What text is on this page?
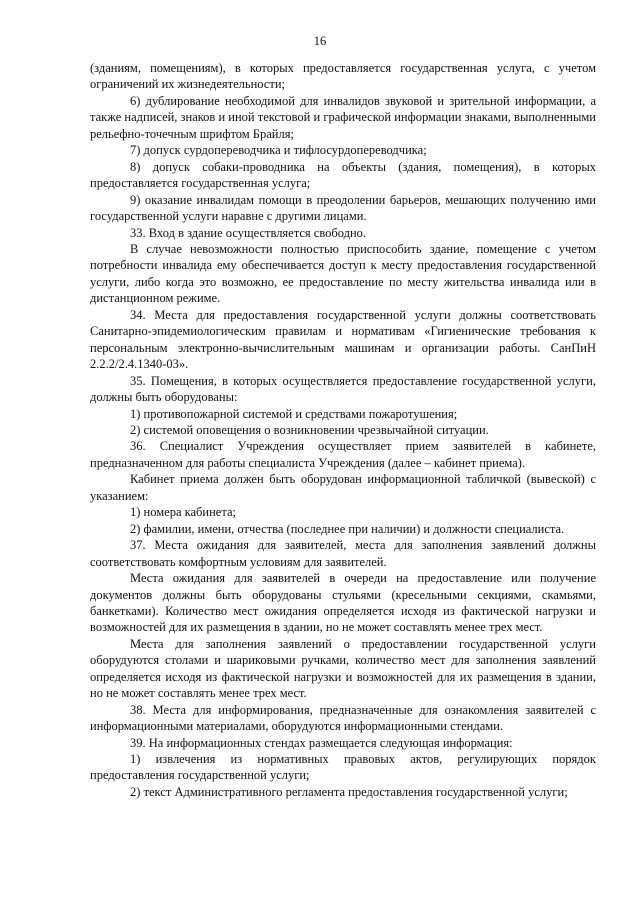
16

(зданиям, помещениям), в которых предоставляется государственная услуга, с учетом ограничений их жизнедеятельности;

6) дублирование необходимой для инвалидов звуковой и зрительной информации, а также надписей, знаков и иной текстовой и графической информации знаками, выполненными рельефно-точечным шрифтом Брайля;

7) допуск сурдопереводчика и тифлосурдопереводчика;

8) допуск собаки-проводника на объекты (здания, помещения), в которых предоставляется государственная услуга;

9) оказание инвалидам помощи в преодолении барьеров, мешающих получению ими государственной услуги наравне с другими лицами.

33. Вход в здание осуществляется свободно.

В случае невозможности полностью приспособить здание, помещение с учетом потребности инвалида ему обеспечивается доступ к месту предоставления государственной услуги, либо когда это возможно, ее предоставление по месту жительства инвалида или в дистанционном режиме.

34. Места для предоставления государственной услуги должны соответствовать Санитарно-эпидемиологическим правилам и нормативам «Гигиенические требования к персональным электронно-вычислительным машинам и организации работы. СанПиН 2.2.2/2.4.1340-03».

35. Помещения, в которых осуществляется предоставление государственной услуги, должны быть оборудованы:

1) противопожарной системой и средствами пожаротушения;

2) системой оповещения о возникновении чрезвычайной ситуации.

36. Специалист Учреждения осуществляет прием заявителей в кабинете, предназначенном для работы специалиста Учреждения (далее – кабинет приема).

Кабинет приема должен быть оборудован информационной табличкой (вывеской) с указанием:

1) номера кабинета;

2) фамилии, имени, отчества (последнее при наличии) и должности специалиста.

37. Места ожидания для заявителей, места для заполнения заявлений должны соответствовать комфортным условиям для заявителей.

Места ожидания для заявителей в очереди на предоставление или получение документов должны быть оборудованы стульями (кресельными секциями, скамьями, банкетками). Количество мест ожидания определяется исходя из фактической нагрузки и возможностей для их размещения в здании, но не может составлять менее трех мест.

Места для заполнения заявлений о предоставлении государственной услуги оборудуются столами и шариковыми ручками, количество мест для заполнения заявлений определяется исходя из фактической нагрузки и возможностей для их размещения в здании, но не может составлять менее трех мест.

38. Места для информирования, предназначенные для ознакомления заявителей с информационными материалами, оборудуются информационными стендами.

39. На информационных стендах размещается следующая информация:

1) извлечения из нормативных правовых актов, регулирующих порядок предоставления государственной услуги;

2) текст Административного регламента предоставления государственной услуги;
